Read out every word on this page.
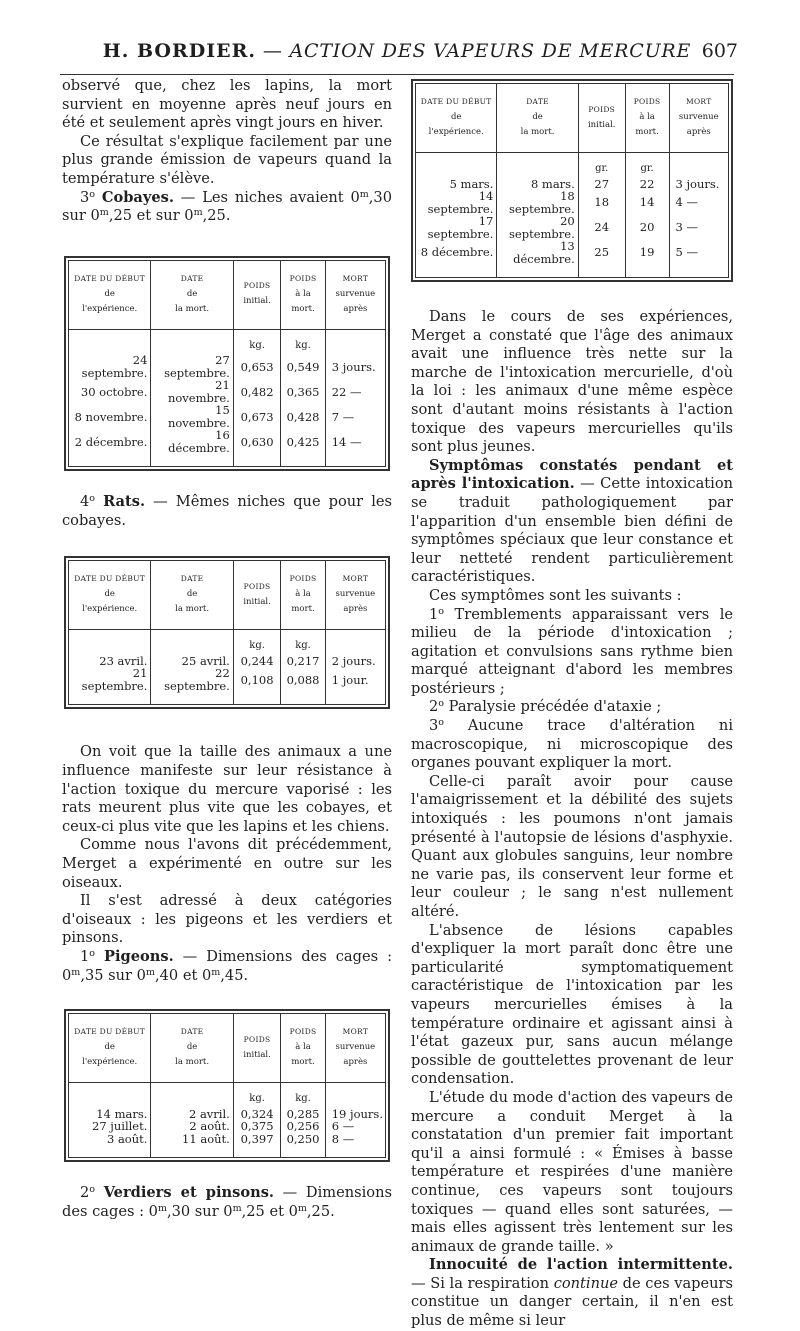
H. BORDIER. — ACTION DES VAPEURS DE MERCURE 607

observé que, chez les lapins, la mort survient en moyenne après neuf jours en été et seulement après vingt jours en hiver.

Ce résultat s'explique facilement par une plus grande émission de vapeurs quand la température s'élève.

3$^o$ Cobayes. — Les niches avaient 0$^m$,30 sur 0$^m$,25 et sur 0$^m$,25.

DATE DU DÉBUT
de
l'expérience.	DATE
de
la mort.	POIDS
initial.	POIDS
à la
mort.	MORT
survenue
après
		kg.	kg.	
24 septembre.	27 septembre.	0,653	0,549	3 jours.
30 octobre.	21 novembre.	0,482	0,365	22 —
8 novembre.	15 novembre.	0,673	0,428	7 —
2 décembre.	16 décembre.	0,630	0,425	14 —

4$^o$ Rats. — Mêmes niches que pour les cobayes.

DATE DU DÉBUT
de
l'expérience.	DATE
de
la mort.	POIDS
initial.	POIDS
à la
mort.	MORT
survenue
après
		kg.	kg.	
23 avril.	25 avril.	0,244	0,217	2 jours.
21 septembre.	22 septembre.	0,108	0,088	1 jour.

On voit que la taille des animaux a une influence manifeste sur leur résistance à l'action toxique du mercure vaporisé : les rats meurent plus vite que les cobayes, et ceux-ci plus vite que les lapins et les chiens.

Comme nous l'avons dit précédemment, Merget a expérimenté en outre sur les oiseaux.

Il s'est adressé à deux catégories d'oiseaux : les pigeons et les verdiers et pinsons.

1$^o$ Pigeons. — Dimensions des cages : 0$^m$,35 sur 0$^m$,40 et 0$^m$,45.

DATE DU DÉBUT
de
l'expérience.	DATE
de
la mort.	POIDS
initial.	POIDS
à la
mort.	MORT
survenue
après
		kg.	kg.	
14 mars.	2 avril.	0,324	0,285	19 jours.
27 juillet.	2 août.	0,375	0,256	6 —
3 août.	11 août.	0,397	0,250	8 —

2$^o$ Verdiers et pinsons. — Dimensions des cages : 0$^m$,30 sur 0$^m$,25 et 0$^m$,25.

DATE DU DÉBUT
de
l'expérience.	DATE
de
la mort.	POIDS
initial.	POIDS
à la
mort.	MORT
survenue
après
		gr.	gr.	
5 mars.	8 mars.	27	22	3 jours.
14 septembre.	18 septembre.	18	14	4 —
17 septembre.	20 septembre.	24	20	3 —
8 décembre.	13 décembre.	25	19	5 —

Dans le cours de ses expériences, Merget a constaté que l'âge des animaux avait une influence très nette sur la marche de l'intoxication mercurielle, d'où la loi : les animaux d'une même espèce sont d'autant moins résistants à l'action toxique des vapeurs mercurielles qu'ils sont plus jeunes.

Symptômas constatés pendant et après l'intoxication. — Cette intoxication se traduit pathologiquement par l'apparition d'un ensemble bien défini de symptômes spéciaux que leur constance et leur netteté rendent particulièrement caractéristiques.

Ces symptômes sont les suivants :

1$^o$ Tremblements apparaissant vers le milieu de la période d'intoxication ; agitation et convulsions sans rythme bien marqué atteignant d'abord les membres postérieurs ;

2$^o$ Paralysie précédée d'ataxie ;

3$^o$ Aucune trace d'altération ni macroscopique, ni microscopique des organes pouvant expliquer la mort.

Celle-ci paraît avoir pour cause l'amaigrissement et la débilité des sujets intoxiqués : les poumons n'ont jamais présenté à l'autopsie de lésions d'asphyxie. Quant aux globules sanguins, leur nombre ne varie pas, ils conservent leur forme et leur couleur ; le sang n'est nullement altéré.

L'absence de lésions capables d'expliquer la mort paraît donc être une particularité symptomatiquement caractéristique de l'intoxication par les vapeurs mercurielles émises à la température ordinaire et agissant ainsi à l'état gazeux pur, sans aucun mélange possible de gouttelettes provenant de leur condensation.

L'étude du mode d'action des vapeurs de mercure a conduit Merget à la constatation d'un premier fait important qu'il a ainsi formulé : « Émises à basse température et respirées d'une manière continue, ces vapeurs sont toujours toxiques — quand elles sont saturées, — mais elles agissent très lentement sur les animaux de grande taille. »

Innocuité de l'action intermittente. — Si la respiration continue de ces vapeurs constitue un danger certain, il n'en est plus de même si leur
